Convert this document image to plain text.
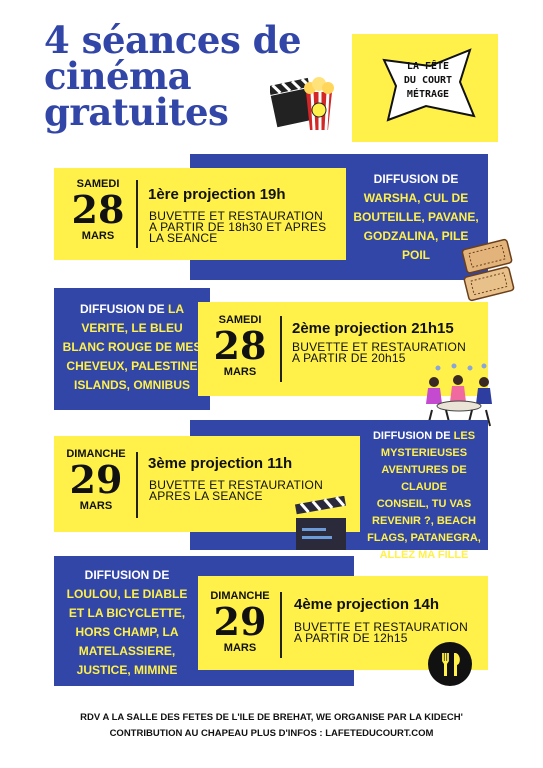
4 séances de
cinéma
gratuites
LA FÊTE
DU COURT
MÉTRAGE
SAMEDI
28
MARS
1ère projection 19h
BUVETTE ET RESTAURATION
A PARTIR DE 18h30 ET APRES
LA SEANCE
DIFFUSION DE
WARSHA, CUL DE
BOUTEILLE, PAVANE,
GODZALINA, PILE
POIL
DIFFUSION DE LA
VERITE, LE BLEU
BLANC ROUGE DE MES
CHEVEUX, PALESTINE
ISLANDS, OMNIBUS
SAMEDI
28
MARS
2ème projection 21h15
BUVETTE ET RESTAURATION
A PARTIR DE 20h15
DIMANCHE
29
MARS
3ème projection 11h
BUVETTE ET RESTAURATION
APRES LA SEANCE
DIFFUSION DE LES
MYSTERIEUSES
AVENTURES DE CLAUDE
CONSEIL, TU VAS
REVENIR ?, BEACH
FLAGS, PATANEGRA,
ALLEZ MA FILLE
DIFFUSION DE
LOULOU, LE DIABLE
ET LA BICYCLETTE,
HORS CHAMP, LA
MATELASSIERE,
JUSTICE, MIMINE
DIMANCHE
29
MARS
4ème projection 14h
BUVETTE ET RESTAURATION
A PARTIR DE 12h15
RDV A LA SALLE DES FETES DE L'ILE DE BREHAT, WE ORGANISE PAR LA KIDECH'
CONTRIBUTION AU CHAPEAU PLUS D'INFOS : LAFETEDUCOURT.COM
